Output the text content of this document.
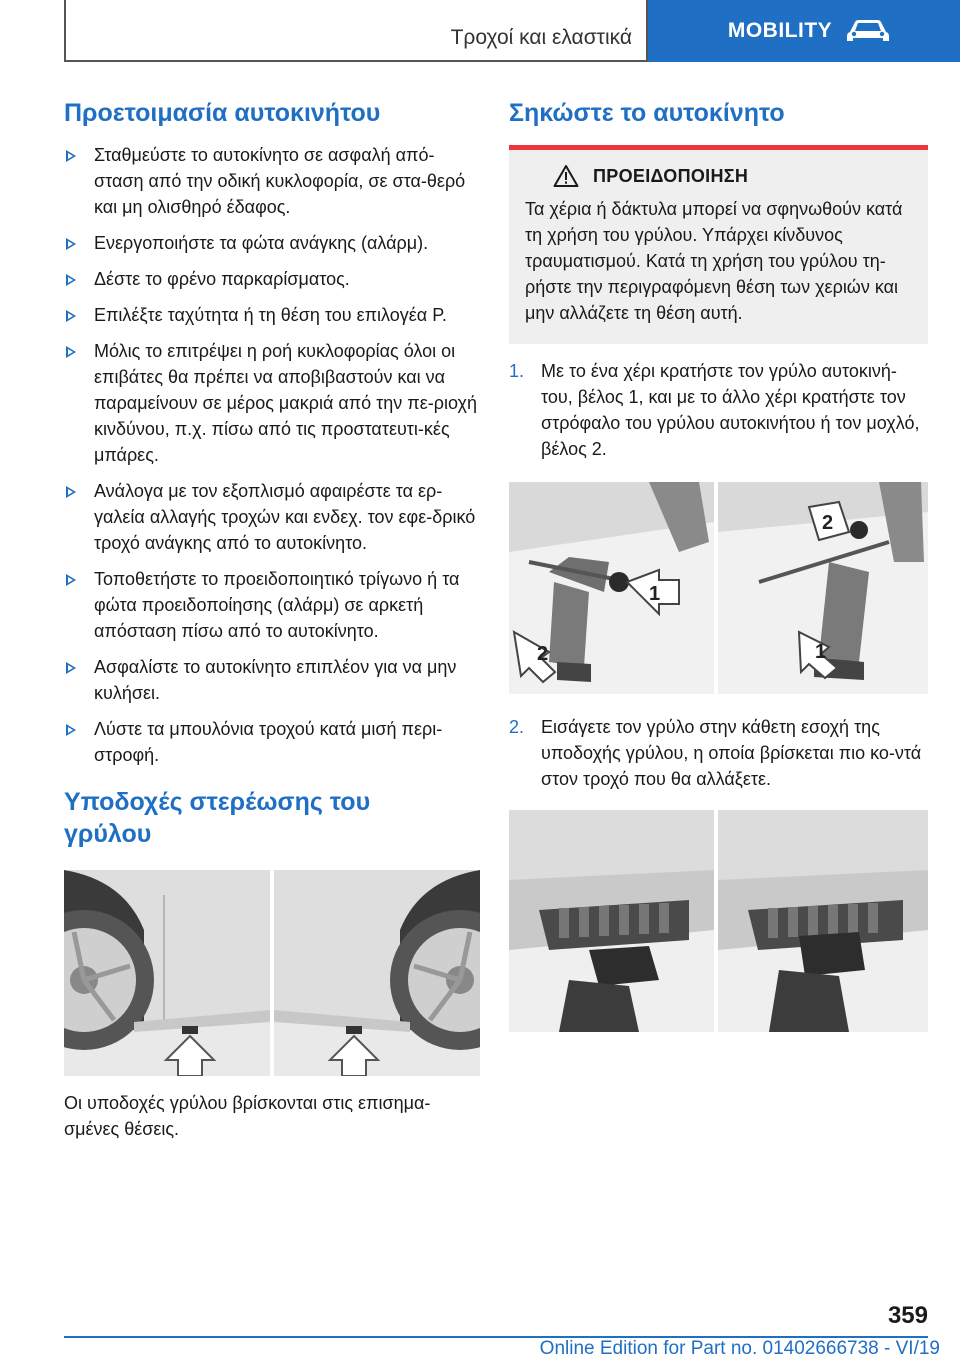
Τροχοί και ελαστικά	MOBILITY
Προετοιμασία αυτοκινήτου
Σταθμεύστε το αυτοκίνητο σε ασφαλή από-σταση από την οδική κυκλοφορία, σε στα-θερό και μη ολισθηρό έδαφος.
Ενεργοποιήστε τα φώτα ανάγκης (αλάρμ).
Δέστε το φρένο παρκαρίσματος.
Επιλέξτε ταχύτητα ή τη θέση του επιλογέα P.
Μόλις το επιτρέψει η ροή κυκλοφορίας όλοι οι επιβάτες θα πρέπει να αποβιβαστούν και να παραμείνουν σε μέρος μακριά από την πε-ριοχή κινδύνου, π.χ. πίσω από τις προστατευτι-κές μπάρες.
Ανάλογα με τον εξοπλισμό αφαιρέστε τα ερ-γαλεία αλλαγής τροχών και ενδεχ. τον εφε-δρικό τροχό ανάγκης από το αυτοκίνητο.
Τοποθετήστε το προειδοποιητικό τρίγωνο ή τα φώτα προειδοποίησης (αλάρμ) σε αρκετή απόσταση πίσω από το αυτοκίνητο.
Ασφαλίστε το αυτοκίνητο επιπλέον για να μην κυλήσει.
Λύστε τα μπουλόνια τροχού κατά μισή περι-στροφή.
Υποδοχές στερέωσης του
γρύλου
Οι υποδοχές γρύλου βρίσκονται στις επισημα-
σμένες θέσεις.
Σηκώστε το αυτοκίνητο
ΠΡΟΕΙΔΟΠΟΙΗΣΗ
Τα χέρια ή δάκτυλα μπορεί να σφηνωθούν κατά τη χρήση του γρύλου. Υπάρχει κίνδυνος τραυματισμού. Κατά τη χρήση του γρύλου τη-ρήστε την περιγραφόμενη θέση των χεριών και μην αλλάζετε τη θέση αυτή.
1. Με το ένα χέρι κρατήστε τον γρύλο αυτοκινή-του, βέλος 1, και με το άλλο χέρι κρατήστε τον στρόφαλο του γρύλου αυτοκινήτου ή τον μοχλό, βέλος 2.
1
2
2
1
2. Εισάγετε τον γρύλο στην κάθετη εσοχή της υποδοχής γρύλου, η οποία βρίσκεται πιο κο-ντά στον τροχό που θα αλλάξετε.
359
Online Edition for Part no. 01402666738 - VI/19
